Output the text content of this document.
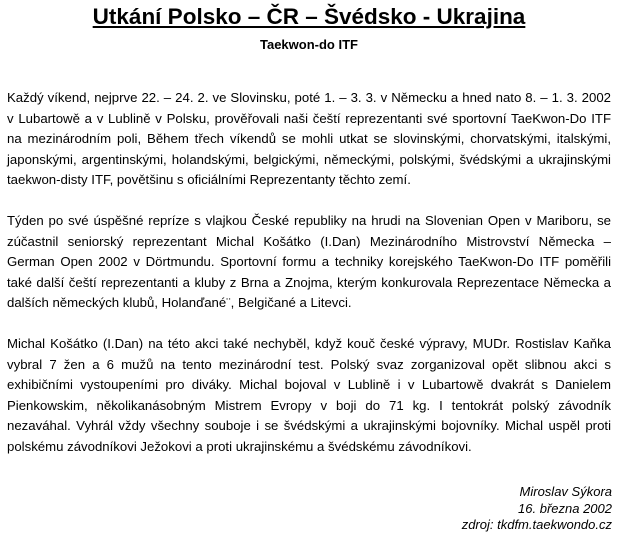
Utkání Polsko – ČR – Švédsko - Ukrajina
Taekwon-do ITF

Každý víkend, nejprve 22. – 24. 2. ve Slovinsku, poté 1. – 3. 3. v Německu a hned nato 8. – 1. 3. 2002 v Lubartowě a v Lublině v Polsku, prověřovali naši čeští reprezentanti své sportovní TaeKwon-Do ITF na mezinárodním poli, Během třech víkendů se mohli utkat se slovinskými, chorvatskými, italskými, japonskými, argentinskými, holandskými, belgickými, německými, polskými, švédskými a ukrajinskými taekwon-disty ITF, povětšinu s oficiálními Reprezentanty těchto zemí.

Týden po své úspěšné repríze s vlajkou České republiky na hrudi na Slovenian Open v Mariboru, se zúčastnil seniorský reprezentant Michal Košátko (I.Dan) Mezinárodního Mistrovství Německa – German Open 2002 v Dörtmundu. Sportovní formu a techniky korejského TaeKwon-Do ITF poměřili také další čeští reprezentanti a kluby z Brna a Znojma, kterým konkurovala Reprezentace Německa a dalších německých klubů, Holanďané¨, Belgičané a Litevci.

Michal Košátko (I.Dan) na této akci také nechyběl, když kouč české výpravy, MUDr. Rostislav Kaňka vybral 7 žen a 6 mužů na tento mezinárodní test. Polský svaz zorganizoval opět slibnou akci s exhibičními vystoupeními pro diváky. Michal bojoval v Lublině i v Lubartowě dvakrát s Danielem Pienkowskim, několikanásobným Mistrem Evropy v boji do 71 kg. I tentokrát polský závodník nezaváhal. Vyhrál vždy všechny souboje i se švédskými a ukrajinskými bojovníky. Michal uspěl proti polskému závodníkovi Ježokovi a proti ukrajinskému a švédskému závodníkovi.

Miroslav Sýkora
16. března 2002
zdroj: tkdfm.taekwondo.cz
